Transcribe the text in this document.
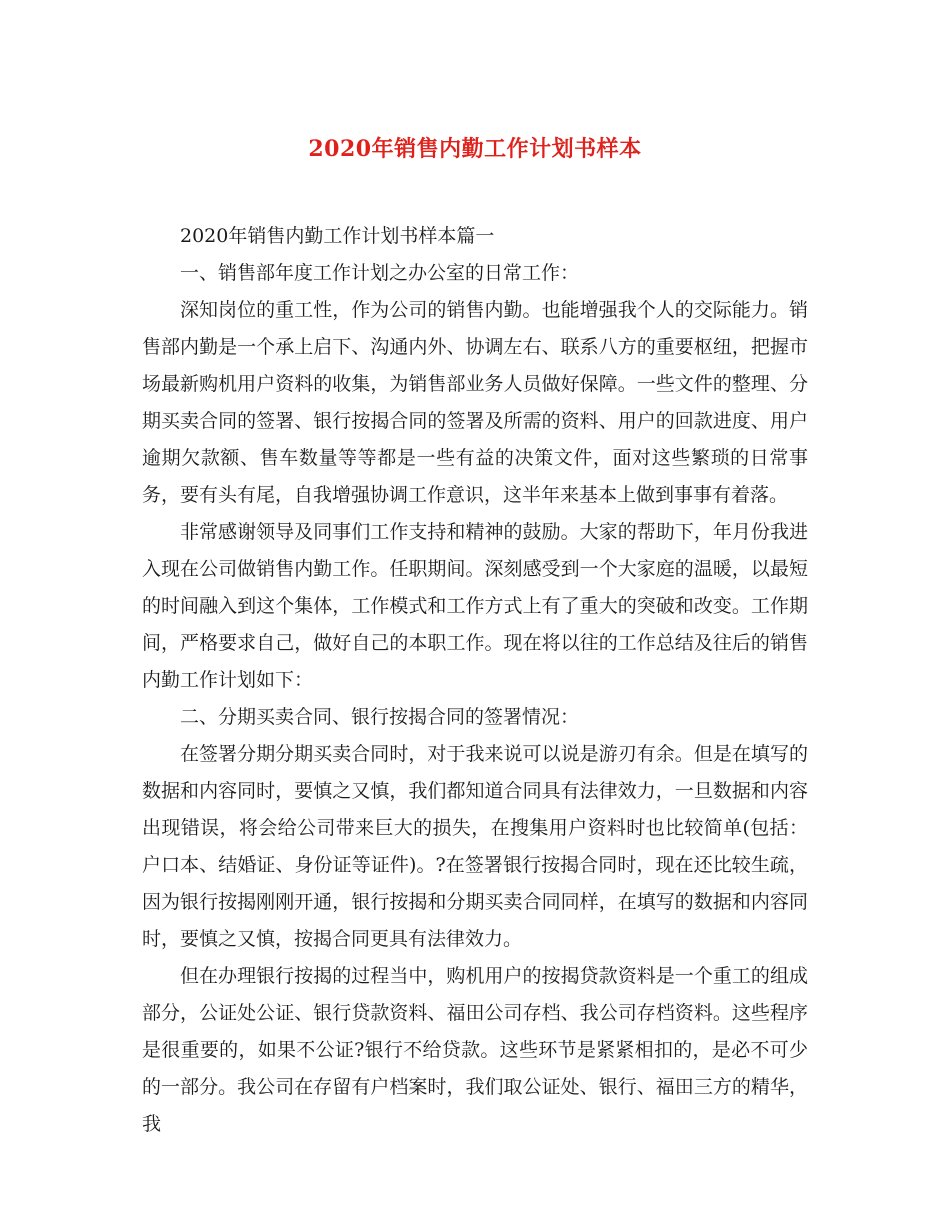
2020年销售内勤工作计划书样本

2020年销售内勤工作计划书样本篇一

一、销售部年度工作计划之办公室的日常工作：

深知岗位的重工性，作为公司的销售内勤。也能增强我个人的交际能力。销售部内勤是一个承上启下、沟通内外、协调左右、联系八方的重要枢纽，把握市场最新购机用户资料的收集，为销售部业务人员做好保障。一些文件的整理、分期买卖合同的签署、银行按揭合同的签署及所需的资料、用户的回款进度、用户逾期欠款额、售车数量等等都是一些有益的决策文件，面对这些繁琐的日常事务，要有头有尾，自我增强协调工作意识，这半年来基本上做到事事有着落。

非常感谢领导及同事们工作支持和精神的鼓励。大家的帮助下，年月份我进入现在公司做销售内勤工作。任职期间。深刻感受到一个大家庭的温暖，以最短的时间融入到这个集体，工作模式和工作方式上有了重大的突破和改变。工作期间，严格要求自己，做好自己的本职工作。现在将以往的工作总结及往后的销售内勤工作计划如下：

二、分期买卖合同、银行按揭合同的签署情况：

在签署分期分期买卖合同时，对于我来说可以说是游刃有余。但是在填写的数据和内容同时，要慎之又慎，我们都知道合同具有法律效力，一旦数据和内容出现错误，将会给公司带来巨大的损失，在搜集用户资料时也比较简单(包括：户口本、结婚证、身份证等证件)。?在签署银行按揭合同时，现在还比较生疏，因为银行按揭刚刚开通，银行按揭和分期买卖合同同样，在填写的数据和内容同时，要慎之又慎，按揭合同更具有法律效力。

但在办理银行按揭的过程当中，购机用户的按揭贷款资料是一个重工的组成部分，公证处公证、银行贷款资料、福田公司存档、我公司存档资料。这些程序是很重要的，如果不公证?银行不给贷款。这些环节是紧紧相扣的，是必不可少的一部分。我公司在存留有户档案时，我们取公证处、银行、福田三方的精华，我
